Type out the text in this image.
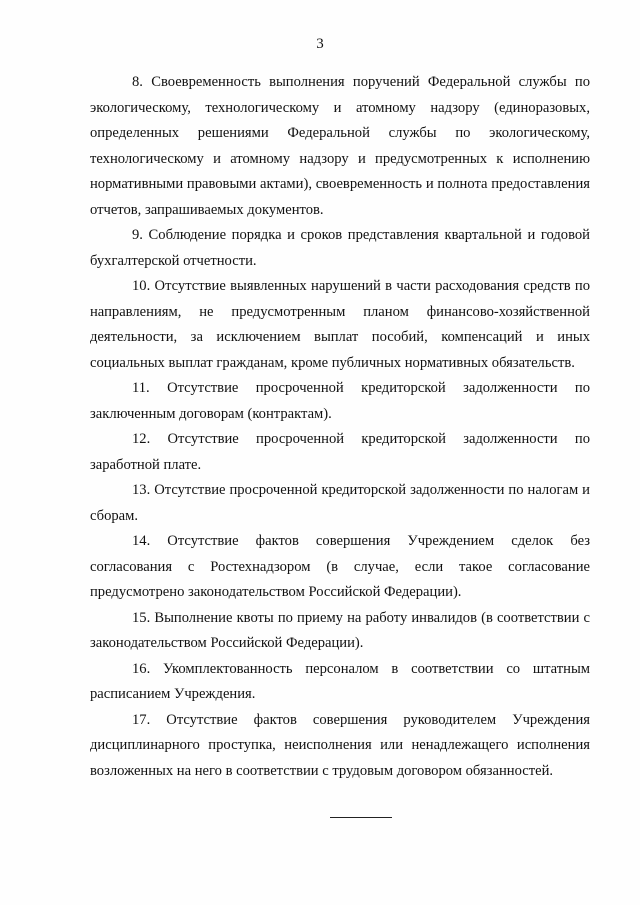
3

8. Своевременность выполнения поручений Федеральной службы по экологическому, технологическому и атомному надзору (единоразовых, определенных решениями Федеральной службы по экологическому, технологическому и атомному надзору и предусмотренных к исполнению нормативными правовыми актами), своевременность и полнота предоставления отчетов, запрашиваемых документов.

9. Соблюдение порядка и сроков представления квартальной и годовой бухгалтерской отчетности.

10. Отсутствие выявленных нарушений в части расходования средств по направлениям, не предусмотренным планом финансово-хозяйственной деятельности, за исключением выплат пособий, компенсаций и иных социальных выплат гражданам, кроме публичных нормативных обязательств.

11. Отсутствие просроченной кредиторской задолженности по заключенным договорам (контрактам).

12. Отсутствие просроченной кредиторской задолженности по заработной плате.

13. Отсутствие просроченной кредиторской задолженности по налогам и сборам.

14. Отсутствие фактов совершения Учреждением сделок без согласования с Ростехнадзором (в случае, если такое согласование предусмотрено законодательством Российской Федерации).

15. Выполнение квоты по приему на работу инвалидов (в соответствии с законодательством Российской Федерации).

16. Укомплектованность персоналом в соответствии со штатным расписанием Учреждения.

17. Отсутствие фактов совершения руководителем Учреждения дисциплинарного проступка, неисполнения или ненадлежащего исполнения возложенных на него в соответствии с трудовым договором обязанностей.
